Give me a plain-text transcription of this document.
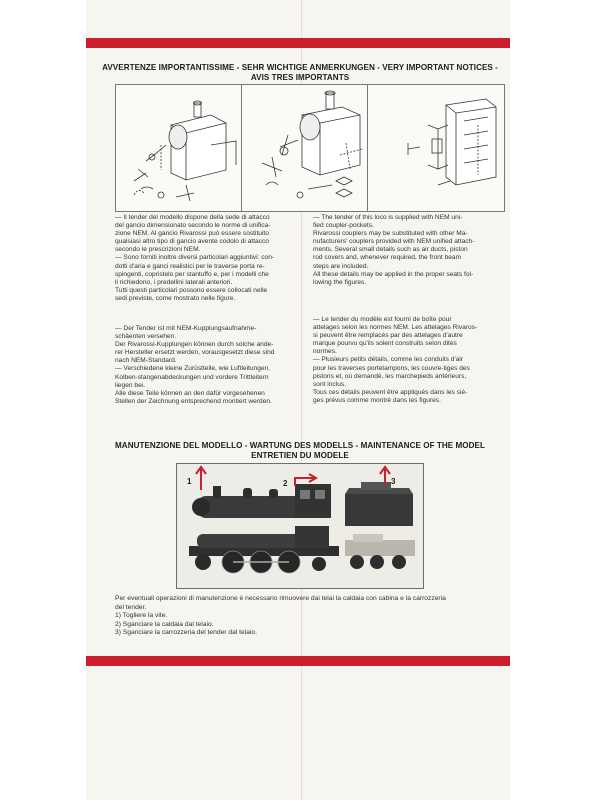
AVVERTENZE IMPORTANTISSIME - SEHR WICHTIGE ANMERKUNGEN - VERY IMPORTANT NOTICES -
AVIS TRES IMPORTANTS

— Il tender del modello dispone della sede di attacco

del gancio dimensionato secondo le norme di unifica-

zione NEM. Al gancio Rivarossi può essere sostituito

qualsiasi altro tipo di gancio avente codolo di attacco

secondo le prescrizioni NEM.

— Sono forniti inoltre diversi particolari aggiuntivi: con-

dotti d'aria e ganci realistici per le traverse porta re-

spingenti, copristelo per stantuffo e, per i modelli che

li richiedono, i predellini laterali anteriori.

Tutti questi particolari possono essere collocati nelle

sedi previste, come mostrato nelle figure.

— The tender of this loco is supplied with NEM uni-

fied coupler-pockets.

Rivarossi couplers may be substituted with other Ma-

nufacturers' couplers provided with NEM unified attach-

ments. Several small details such as air ducts, piston

rod covers and, whenever required, the front beam

steps are included.

All these details may be applied in the proper seats fol-

lowing the figures.

— Der Tender ist mit NEM-Kupplungsaufnahme-

schäenten versehen.

Der Rivarossi-Kupplungen können durch solche ande-

rer Hersteller ersetzt werden, vorausgesetzt diese sind

nach NEM-Standard.

— Verschiedene kleine Zurüstteile, wie Luftleitungen,

Kolben-stangenabdeckungen und vordere Trittleitern

liegen bei.

Alle diese Teile können an den dafür vorgesehenen

Stellen der Zeichnung entsprechend montiert werden.

— Le tender du modèle est fourni de boîte pour

attelages selon les normes NEM. Les attelages Rivaros-

si peuvent être remplacés par des attelages d'autre

marque pourvu qu'ils soient construits selon dites

normes.

— Plusieurs petits détails, comme les conduits d'air

pour les traverses portetampons, les couvre-tiges des

pistons et, où demandé, les marchepieds antérieurs,

sont inclus.

Tous ces détails peuvent être appliqués dans les siè-

ges prévus comme montré dans les figures.

MANUTENZIONE DEL MODELLO - WARTUNG DES MODELLS - MAINTENANCE OF THE MODEL
ENTRETIEN DU MODELE
1	2	3

Per eventuali operazioni di manutenzione è necessario rimuovere dai telai la caldaia con cabina e la carrozzeria

del tender.

1) Togliere la vite.

2) Sganciare la caldaia dal telaio.

3) Sganciare la carrozzeria del tender dal telaio.
